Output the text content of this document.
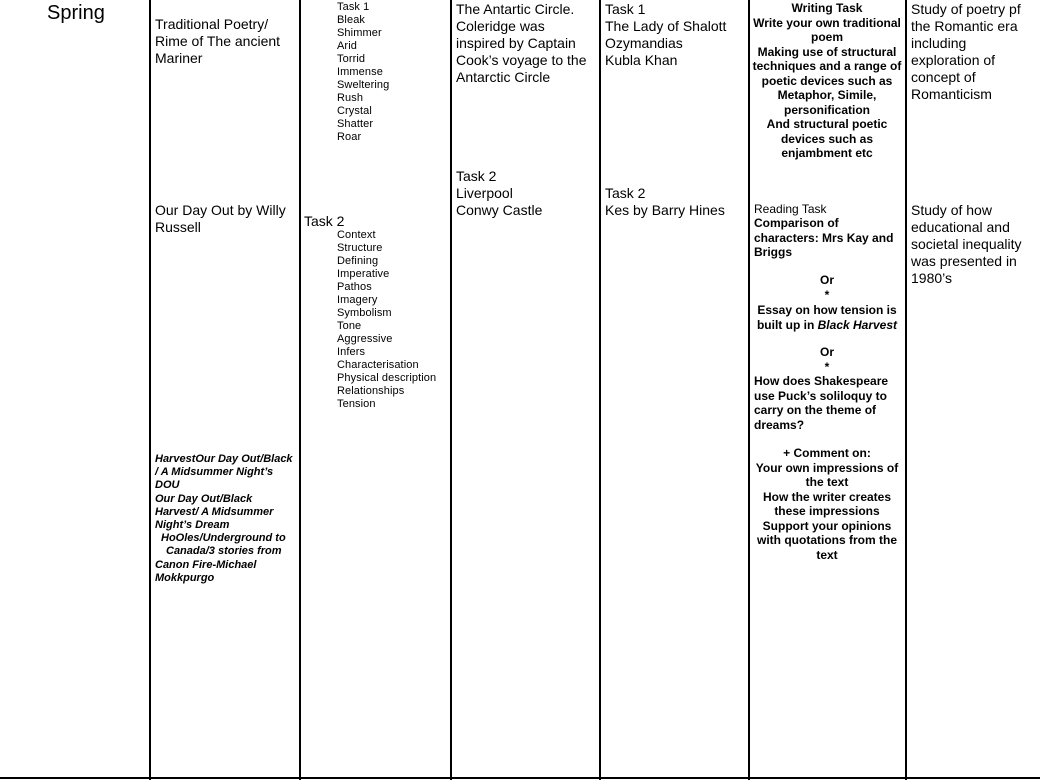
Spring	Traditional Poetry/ Rime of The ancient Mariner
Our Day Out by Willy Russell
HarvestOur Day Out/Black
/ A Midsummer Night’s
DOU
Our Day Out/Black
Harvest/ A Midsummer
Night’s Dream
HoOles/Underground to
Canada/3 stories from
Canon Fire-Michael
Mokkpurgo
Task 1
Bleak
Shimmer
Arid
Torrid
Immense
Sweltering
Rush
Crystal
Shatter
Roar
Task 2
Context
Structure
Defining
Imperative
Pathos
Imagery
Symbolism
Tone
Aggressive
Infers
Characterisation
Physical description
Relationships
Tension
The Antartic Circle. Coleridge was inspired by Captain Cook’s voyage to the Antarctic Circle
Task 2
Liverpool
Conwy Castle
Task 1
The Lady of Shalott
Ozymandias
Kubla Khan
Task 2
Kes by Barry Hines
Writing Task
Write your own traditional poem
Making use of structural techniques and a range of poetic devices such as Metaphor, Simile, personification
And structural poetic devices such as enjambment etc
Reading Task
Comparison of characters: Mrs Kay and Briggs
Or
*
Essay on how tension is built up in Black Harvest
Or
*
How does Shakespeare use Puck’s soliloquy to carry on the theme of dreams?
+ Comment on:
Your own impressions of the text
How the writer creates these impressions
Support your opinions with quotations from the text
Study of poetry pf the Romantic era including exploration of concept of Romanticism
Study of how educational and societal inequality was presented in 1980’s
